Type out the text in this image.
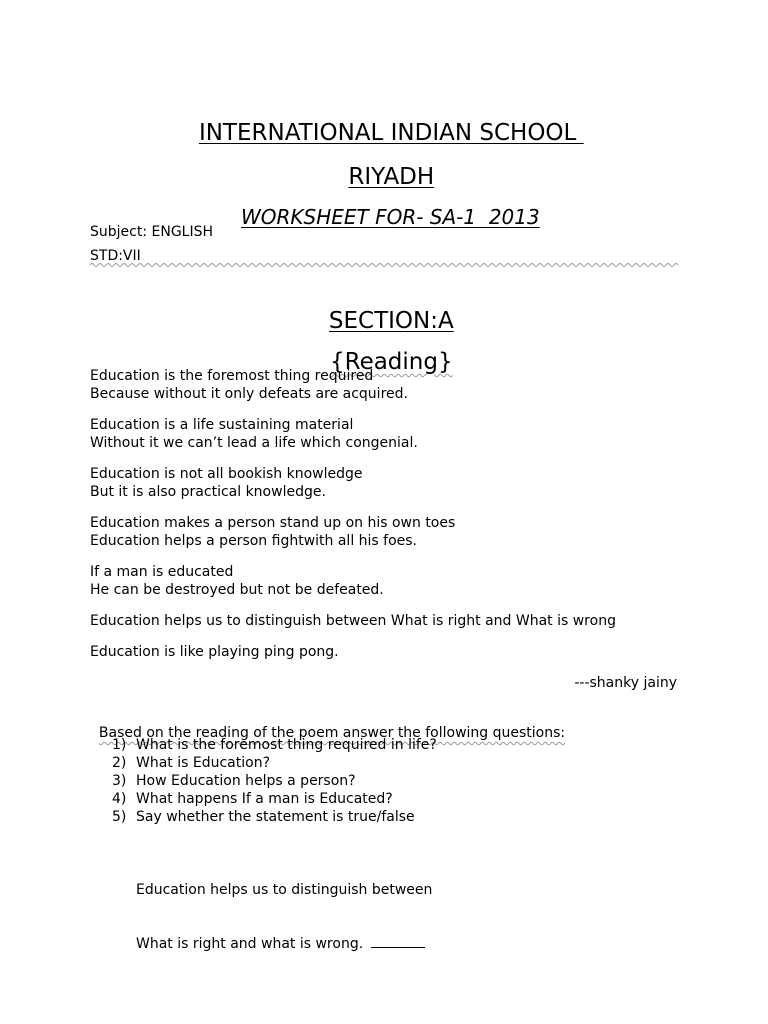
INTERNATIONAL INDIAN SCHOOL

RIYADH

WORKSHEET FOR- SA-1  2013

Subject: ENGLISH
STD:VII

SECTION:A

{Reading}

Education is the foremost thing required
Because without it only defeats are acquired.
Education is a life sustaining material
Without it we can’t lead a life which congenial.
Education is not all bookish knowledge
But it is also practical knowledge.
Education makes a person stand up on his own toes
Education helps a person fightwith all his foes.
If a man is educated
He can be destroyed but not be defeated.
Education helps us to distinguish between What is right and What is wrong
Education is like playing ping pong.
---shanky jainy

Based on the reading of the poem answer the following questions:

1) What is the foremost thing required in life?
2) What is Education?
3) How Education helps a person?
4) What happens If a man is Educated?
5) Say whether the statement is true/false

Education helps us to distinguish between

What is right and what is wrong.
